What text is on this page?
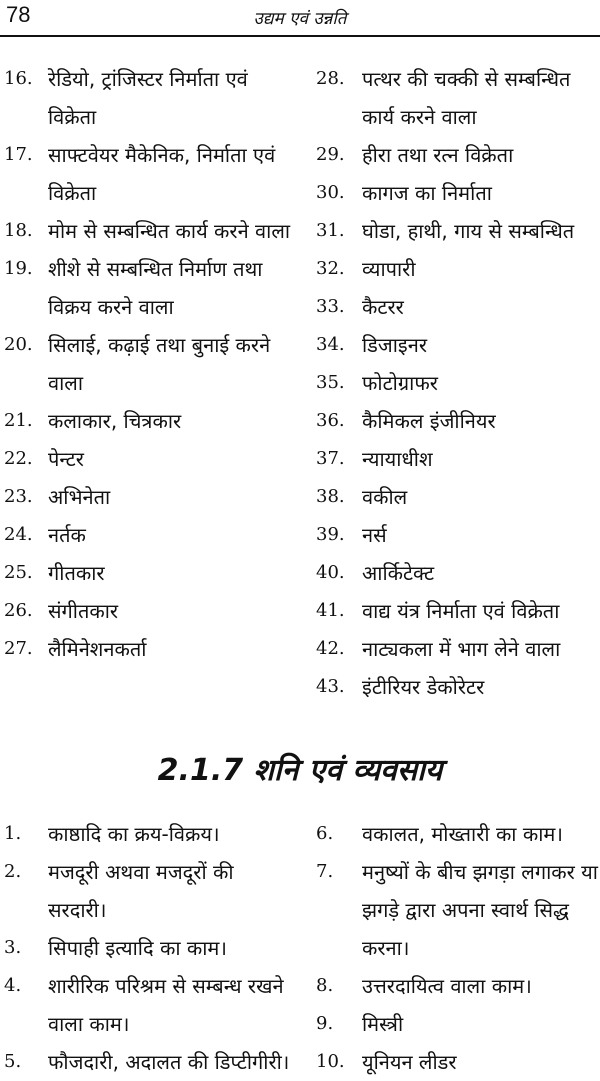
78	उद्यम एवं उन्नति
16. रेडियो, ट्रांजिस्टर निर्माता एवं विक्रेता
17. साफ्टवेयर मैकेनिक, निर्माता एवं विक्रेता
18. मोम से सम्बन्धित कार्य करने वाला
19. शीशे से सम्बन्धित निर्माण तथा विक्रय करने वाला
20. सिलाई, कढ़ाई तथा बुनाई करने वाला
21. कलाकार, चित्रकार
22. पेन्टर
23. अभिनेता
24. नर्तक
25. गीतकार
26. संगीतकार
27. लैमिनेशनकर्ता
28. पत्थर की चक्की से सम्बन्धित कार्य करने वाला
29. हीरा तथा रत्न विक्रेता
30. कागज का निर्माता
31. घोडा, हाथी, गाय से सम्बन्धित
32. व्यापारी
33. कैटरर
34. डिजाइनर
35. फोटोग्राफर
36. कैमिकल इंजीनियर
37. न्यायाधीश
38. वकील
39. नर्स
40. आर्किटेक्ट
41. वाद्य यंत्र निर्माता एवं विक्रेता
42. नाट्यकला में भाग लेने वाला
43. इंटीरियर डेकोरेटर
2.1.7 शनि एवं व्यवसाय
1. काष्ठादि का क्रय-विक्रय।
2. मजदूरी अथवा मजदूरों की सरदारी।
3. सिपाही इत्यादि का काम।
4. शारीरिक परिश्रम से सम्बन्ध रखने वाला काम।
5. फौजदारी, अदालत की डिप्टीगीरी।
6. वकालत, मोख्तारी का काम।
7. मनुष्यों के बीच झगड़ा लगाकर या झगड़े द्वारा अपना स्वार्थ सिद्ध करना।
8. उत्तरदायित्व वाला काम।
9. मिस्त्री
10. यूनियन लीडर
